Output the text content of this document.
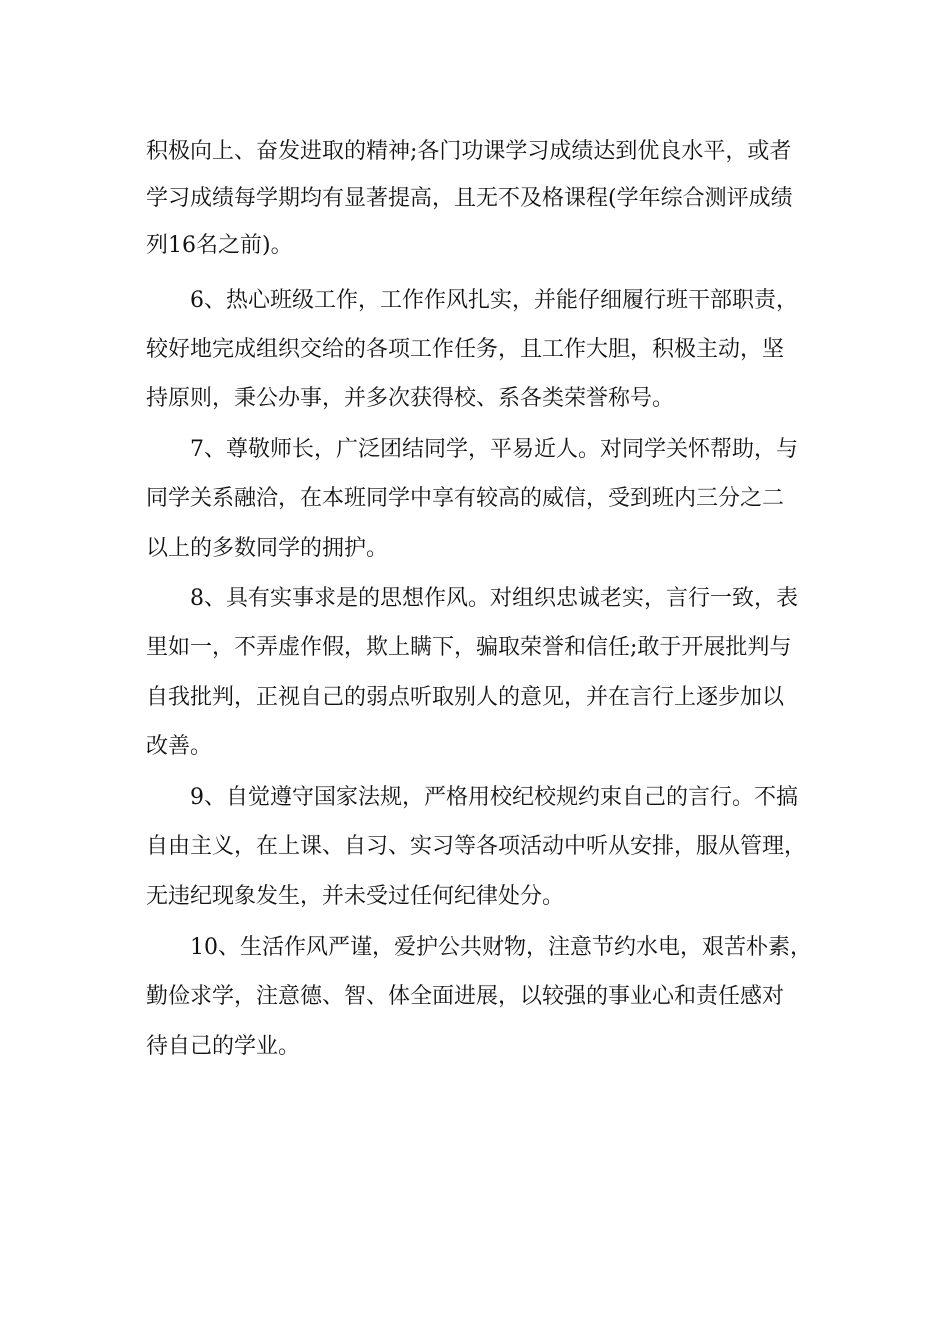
积极向上、奋发进取的精神;各门功课学习成绩达到优良水平，或者

学习成绩每学期均有显著提高，且无不及格课程(学年综合测评成绩

列16名之前)。

6、热心班级工作，工作作风扎实，并能仔细履行班干部职责，

较好地完成组织交给的各项工作任务，且工作大胆，积极主动，坚

持原则，秉公办事，并多次获得校、系各类荣誉称号。

7、尊敬师长，广泛团结同学，平易近人。对同学关怀帮助，与

同学关系融洽，在本班同学中享有较高的威信，受到班内三分之二

以上的多数同学的拥护。

8、具有实事求是的思想作风。对组织忠诚老实，言行一致，表

里如一，不弄虚作假，欺上瞒下，骗取荣誉和信任;敢于开展批判与

自我批判，正视自己的弱点听取别人的意见，并在言行上逐步加以

改善。

9、自觉遵守国家法规，严格用校纪校规约束自己的言行。不搞

自由主义，在上课、自习、实习等各项活动中听从安排，服从管理，

无违纪现象发生，并未受过任何纪律处分。

10、生活作风严谨，爱护公共财物，注意节约水电，艰苦朴素，

勤俭求学，注意德、智、体全面进展，以较强的事业心和责任感对

待自己的学业。
